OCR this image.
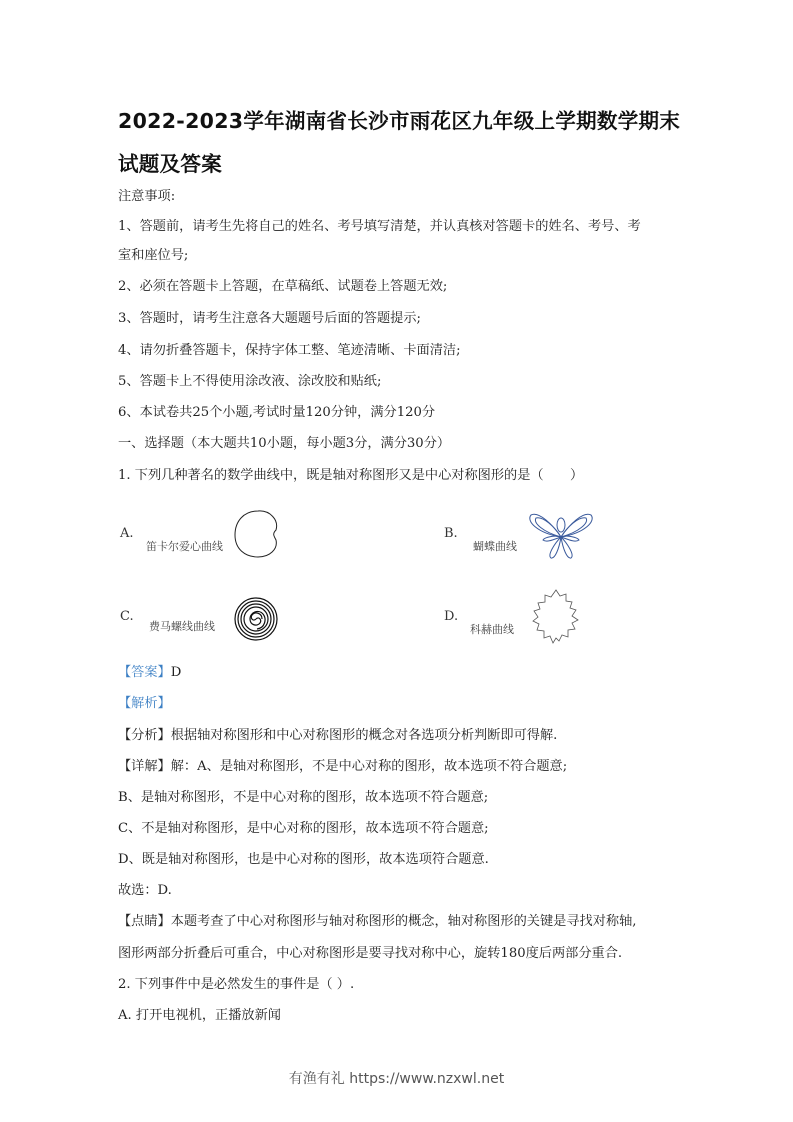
2022-2023学年湖南省长沙市雨花区九年级上学期数学期末
试题及答案
注意事项:
1、答题前，请考生先将自己的姓名、考号填写清楚，并认真核对答题卡的姓名、考号、考
室和座位号;
2、必须在答题卡上答题，在草稿纸、试题卷上答题无效;
3、答题时，请考生注意各大题题号后面的答题提示;
4、请勿折叠答题卡，保持字体工整、笔迹清晰、卡面清洁;
5、答题卡上不得使用涂改液、涂改胶和贴纸;
6、本试卷共25个小题,考试时量120分钟，满分120分
一、选择题（本大题共10小题，每小题3分，满分30分）
1. 下列几种著名的数学曲线中，既是轴对称图形又是中心对称图形的是（　　）
A.
笛卡尔爱心曲线
B.
蝴蝶曲线
C.
费马螺线曲线
D.
科赫曲线
【答案】D
【解析】
【分析】根据轴对称图形和中心对称图形的概念对各选项分析判断即可得解.
【详解】解：A、是轴对称图形，不是中心对称的图形，故本选项不符合题意;
B、是轴对称图形，不是中心对称的图形，故本选项不符合题意;
C、不是轴对称图形，是中心对称的图形，故本选项不符合题意;
D、既是轴对称图形，也是中心对称的图形，故本选项符合题意.
故选：D.
【点睛】本题考查了中心对称图形与轴对称图形的概念，轴对称图形的关键是寻找对称轴,
图形两部分折叠后可重合，中心对称图形是要寻找对称中心，旋转180度后两部分重合.
2. 下列事件中是必然发生的事件是（ ）.
A. 打开电视机，正播放新闻
有渔有礼 https://www.nzxwl.net
